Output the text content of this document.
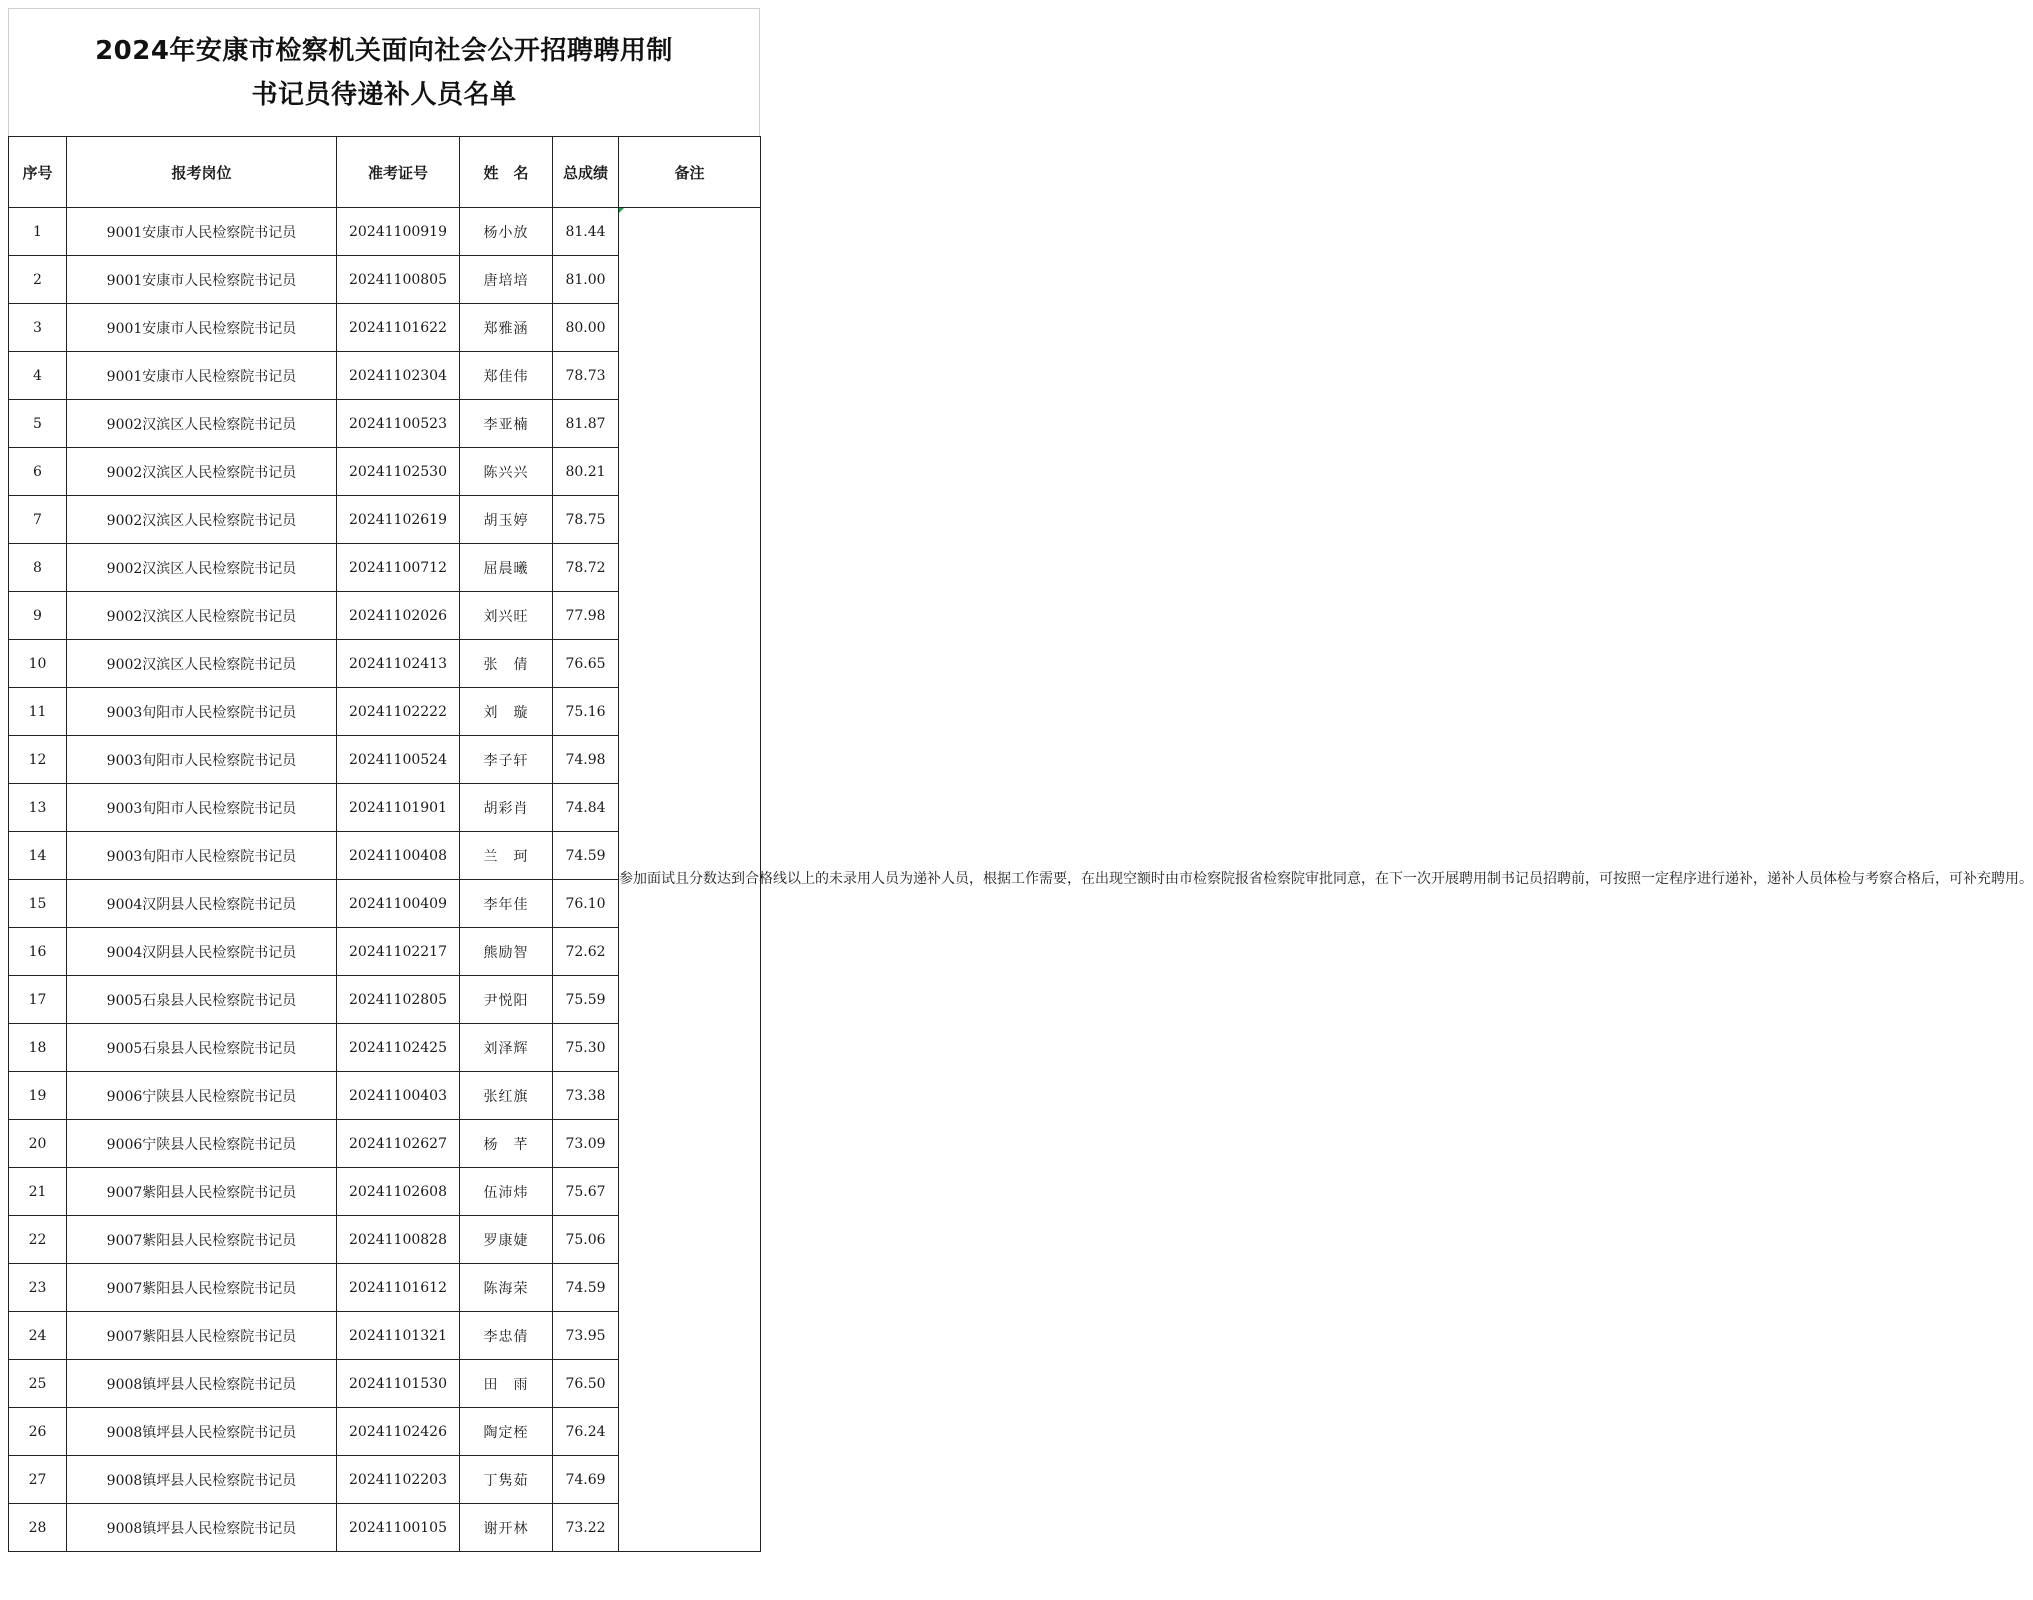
2024年安康市检察机关面向社会公开招聘聘用制
书记员待递补人员名单
序号	报考岗位	准考证号	姓　名	总成绩	备注
1	9001安康市人民检察院书记员	20241100919	杨小放	81.44	参加面试且分数达到合格线以上的未录用人员为递补人员，根据工作需要，在出现空额时由市检察院报省检察院审批同意，在下一次开展聘用制书记员招聘前，可按照一定程序进行递补，递补人员体检与考察合格后，可补充聘用。
2	9001安康市人民检察院书记员	20241100805	唐培培	81.00	
3	9001安康市人民检察院书记员	20241101622	郑雅涵	80.00	
4	9001安康市人民检察院书记员	20241102304	郑佳伟	78.73	
5	9002汉滨区人民检察院书记员	20241100523	李亚楠	81.87	
6	9002汉滨区人民检察院书记员	20241102530	陈兴兴	80.21	
7	9002汉滨区人民检察院书记员	20241102619	胡玉婷	78.75	
8	9002汉滨区人民检察院书记员	20241100712	屈晨曦	78.72	
9	9002汉滨区人民检察院书记员	20241102026	刘兴旺	77.98	
10	9002汉滨区人民检察院书记员	20241102413	张　倩	76.65	
11	9003旬阳市人民检察院书记员	20241102222	刘　璇	75.16	
12	9003旬阳市人民检察院书记员	20241100524	李子轩	74.98	
13	9003旬阳市人民检察院书记员	20241101901	胡彩肖	74.84	
14	9003旬阳市人民检察院书记员	20241100408	兰　珂	74.59	
15	9004汉阴县人民检察院书记员	20241100409	李年佳	76.10	
16	9004汉阴县人民检察院书记员	20241102217	熊励智	72.62	
17	9005石泉县人民检察院书记员	20241102805	尹悦阳	75.59	
18	9005石泉县人民检察院书记员	20241102425	刘泽辉	75.30	
19	9006宁陕县人民检察院书记员	20241100403	张红旗	73.38	
20	9006宁陕县人民检察院书记员	20241102627	杨　芊	73.09	
21	9007紫阳县人民检察院书记员	20241102608	伍沛炜	75.67	
22	9007紫阳县人民检察院书记员	20241100828	罗康婕	75.06	
23	9007紫阳县人民检察院书记员	20241101612	陈海荣	74.59	
24	9007紫阳县人民检察院书记员	20241101321	李忠倩	73.95	
25	9008镇坪县人民检察院书记员	20241101530	田　雨	76.50	
26	9008镇坪县人民检察院书记员	20241102426	陶定桎	76.24	
27	9008镇坪县人民检察院书记员	20241102203	丁隽茹	74.69	
28	9008镇坪县人民检察院书记员	20241100105	谢开林	73.22	
